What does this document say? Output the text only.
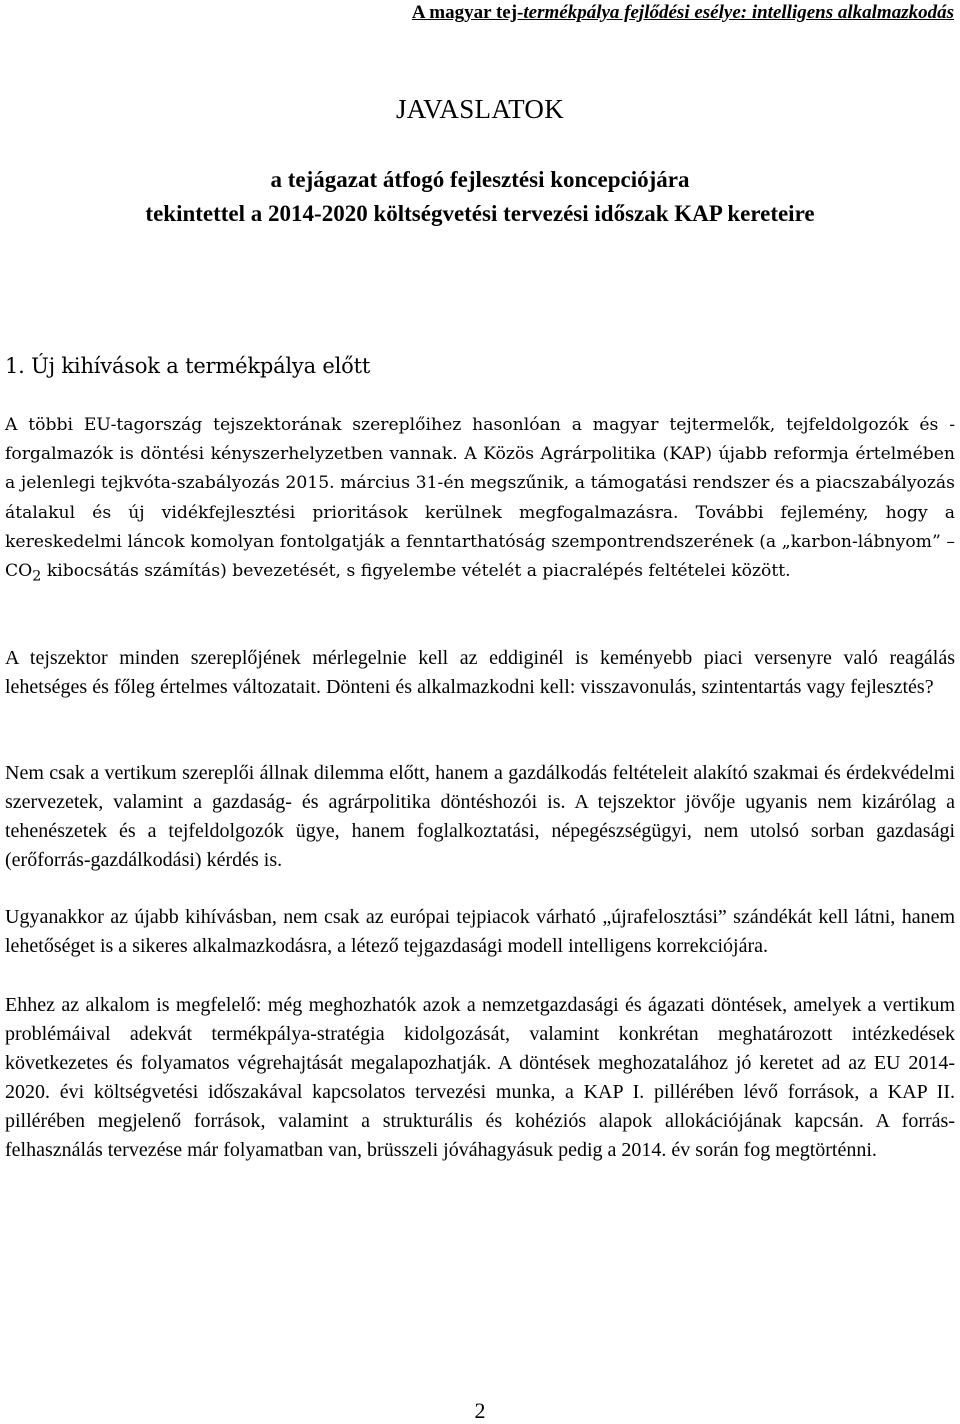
A magyar tej-termékpálya fejlődési esélye: intelligens alkalmazkodás
JAVASLATOK
a tejágazat átfogó fejlesztési koncepciójára
tekintettel a 2014-2020 költségvetési tervezési időszak KAP kereteire
1. Új kihívások a termékpálya előtt
A többi EU-tagország tejszektorának szereplőihez hasonlóan a magyar tejtermelők, tejfeldolgozók és -forgalmazók is döntési kényszerhelyzetben vannak. A Közös Agrárpolitika (KAP) újabb reformja értelmében a jelenlegi tejkvóta-szabályozás 2015. március 31-én megszűnik, a támogatási rendszer és a piacszabályozás átalakul és új vidékfejlesztési prioritások kerülnek megfogalmazásra. További fejlemény, hogy a kereskedelmi láncok komolyan fontolgatják a fenntarthatóság szempontrendszerének (a „karbon-lábnyom” – $CO_2$ kibocsátás számítás) bevezetését, s figyelembe vételét a piacralépés feltételei között.
A tejszektor minden szereplőjének mérlegelnie kell az eddiginél is keményebb piaci versenyre való reagálás lehetséges és főleg értelmes változatait. Dönteni és alkalmazkodni kell: visszavonulás, szintentartás vagy fejlesztés?
Nem csak a vertikum szereplői állnak dilemma előtt, hanem a gazdálkodás feltételeit alakító szakmai és érdekvédelmi szervezetek, valamint a gazdaság- és agrárpolitika döntéshozói is. A tejszektor jövője ugyanis nem kizárólag a tehenészetek és a tejfeldolgozók ügye, hanem foglalkoztatási, népegészségügyi, nem utolsó sorban gazdasági (erőforrás-gazdálkodási) kérdés is.
Ugyanakkor az újabb kihívásban, nem csak az európai tejpiacok várható „újrafelosztási” szándékát kell látni, hanem lehetőséget is a sikeres alkalmazkodásra, a létező tejgazdasági modell intelligens korrekciójára.
Ehhez az alkalom is megfelelő: még meghozhatók azok a nemzetgazdasági és ágazati döntések, amelyek a vertikum problémáival adekvát termékpálya-stratégia kidolgozását, valamint konkrétan meghatározott intézkedések következetes és folyamatos végrehajtását megalapozhatják. A döntések meghozatalához jó keretet ad az EU 2014-2020. évi költségvetési időszakával kapcsolatos tervezési munka, a KAP I. pillérében lévő források, a KAP II. pillérében megjelenő források, valamint a strukturális és kohéziós alapok allokációjának kapcsán. A forrás-felhasználás tervezése már folyamatban van, brüsszeli jóváhagyásuk pedig a 2014. év során fog megtörténni.
2
